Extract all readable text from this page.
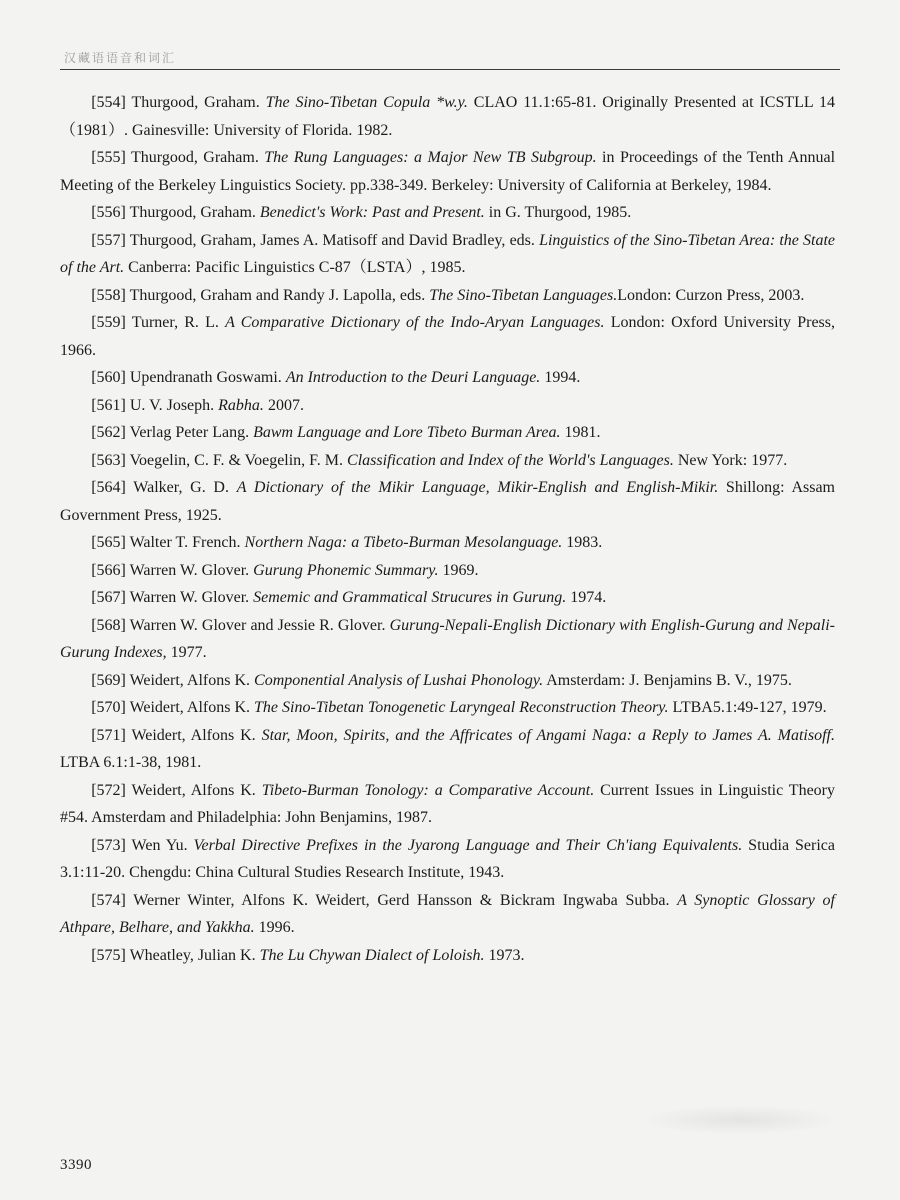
汉藏语语音和词汇

[554] Thurgood, Graham. The Sino-Tibetan Copula *w.y. CLAO 11.1:65-81. Originally Presented at ICSTLL 14（1981）. Gainesville: University of Florida. 1982.

[555] Thurgood, Graham. The Rung Languages: a Major New TB Subgroup. in Proceedings of the Tenth Annual Meeting of the Berkeley Linguistics Society. pp.338-349. Berkeley: University of California at Berkeley, 1984.

[556] Thurgood, Graham. Benedict's Work: Past and Present. in G. Thurgood, 1985.

[557] Thurgood, Graham, James A. Matisoff and David Bradley, eds. Linguistics of the Sino-Tibetan Area: the State of the Art. Canberra: Pacific Linguistics C-87（LSTA）, 1985.

[558] Thurgood, Graham and Randy J. Lapolla, eds. The Sino-Tibetan Languages.London: Curzon Press, 2003.

[559] Turner, R. L. A Comparative Dictionary of the Indo-Aryan Languages. London: Oxford University Press, 1966.

[560] Upendranath Goswami. An Introduction to the Deuri Language. 1994.

[561] U. V. Joseph. Rabha. 2007.

[562] Verlag Peter Lang. Bawm Language and Lore Tibeto Burman Area. 1981.

[563] Voegelin, C. F. & Voegelin, F. M. Classification and Index of the World's Languages. New York: 1977.

[564] Walker, G. D. A Dictionary of the Mikir Language, Mikir-English and English-Mikir. Shillong: Assam Government Press, 1925.

[565] Walter T. French. Northern Naga: a Tibeto-Burman Mesolanguage. 1983.

[566] Warren W. Glover. Gurung Phonemic Summary. 1969.

[567] Warren W. Glover. Sememic and Grammatical Strucures in Gurung. 1974.

[568] Warren W. Glover and Jessie R. Glover. Gurung-Nepali-English Dictionary with English-Gurung and Nepali-Gurung Indexes, 1977.

[569] Weidert, Alfons K. Componential Analysis of Lushai Phonology. Amsterdam: J. Benjamins B. V., 1975.

[570] Weidert, Alfons K. The Sino-Tibetan Tonogenetic Laryngeal Reconstruction Theory. LTBA5.1:49-127, 1979.

[571] Weidert, Alfons K. Star, Moon, Spirits, and the Affricates of Angami Naga: a Reply to James A. Matisoff. LTBA 6.1:1-38, 1981.

[572] Weidert, Alfons K. Tibeto-Burman Tonology: a Comparative Account. Current Issues in Linguistic Theory #54. Amsterdam and Philadelphia: John Benjamins, 1987.

[573] Wen Yu. Verbal Directive Prefixes in the Jyarong Language and Their Ch'iang Equivalents. Studia Serica 3.1:11-20. Chengdu: China Cultural Studies Research Institute, 1943.

[574] Werner Winter, Alfons K. Weidert, Gerd Hansson & Bickram Ingwaba Subba. A Synoptic Glossary of Athpare, Belhare, and Yakkha. 1996.

[575] Wheatley, Julian K. The Lu Chywan Dialect of Loloish. 1973.

3390
